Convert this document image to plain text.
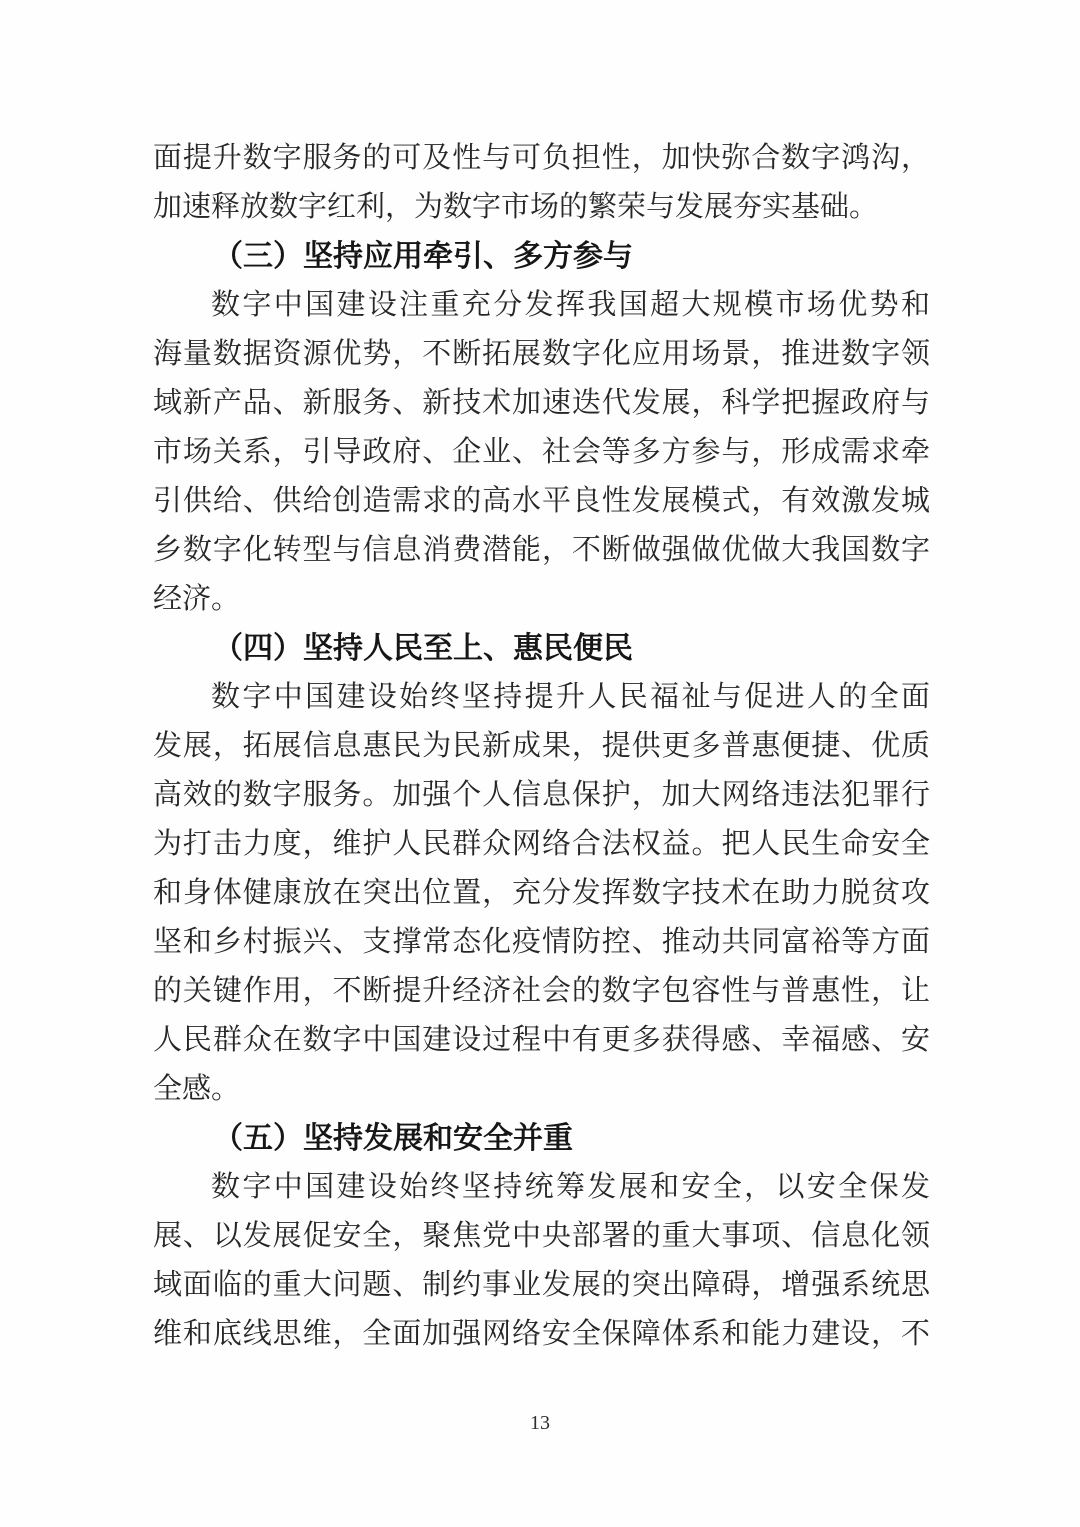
面提升数字服务的可及性与可负担性，加快弥合数字鸿沟，
加速释放数字红利，为数字市场的繁荣与发展夯实基础。
（三）坚持应用牵引、多方参与
数字中国建设注重充分发挥我国超大规模市场优势和
海量数据资源优势，不断拓展数字化应用场景，推进数字领
域新产品、新服务、新技术加速迭代发展，科学把握政府与
市场关系，引导政府、企业、社会等多方参与，形成需求牵
引供给、供给创造需求的高水平良性发展模式，有效激发城
乡数字化转型与信息消费潜能，不断做强做优做大我国数字
经济。
（四）坚持人民至上、惠民便民
数字中国建设始终坚持提升人民福祉与促进人的全面
发展，拓展信息惠民为民新成果，提供更多普惠便捷、优质
高效的数字服务。加强个人信息保护，加大网络违法犯罪行
为打击力度，维护人民群众网络合法权益。把人民生命安全
和身体健康放在突出位置，充分发挥数字技术在助力脱贫攻
坚和乡村振兴、支撑常态化疫情防控、推动共同富裕等方面
的关键作用，不断提升经济社会的数字包容性与普惠性，让
人民群众在数字中国建设过程中有更多获得感、幸福感、安
全感。
（五）坚持发展和安全并重
数字中国建设始终坚持统筹发展和安全，以安全保发
展、以发展促安全，聚焦党中央部署的重大事项、信息化领
域面临的重大问题、制约事业发展的突出障碍，增强系统思
维和底线思维，全面加强网络安全保障体系和能力建设，不
13
